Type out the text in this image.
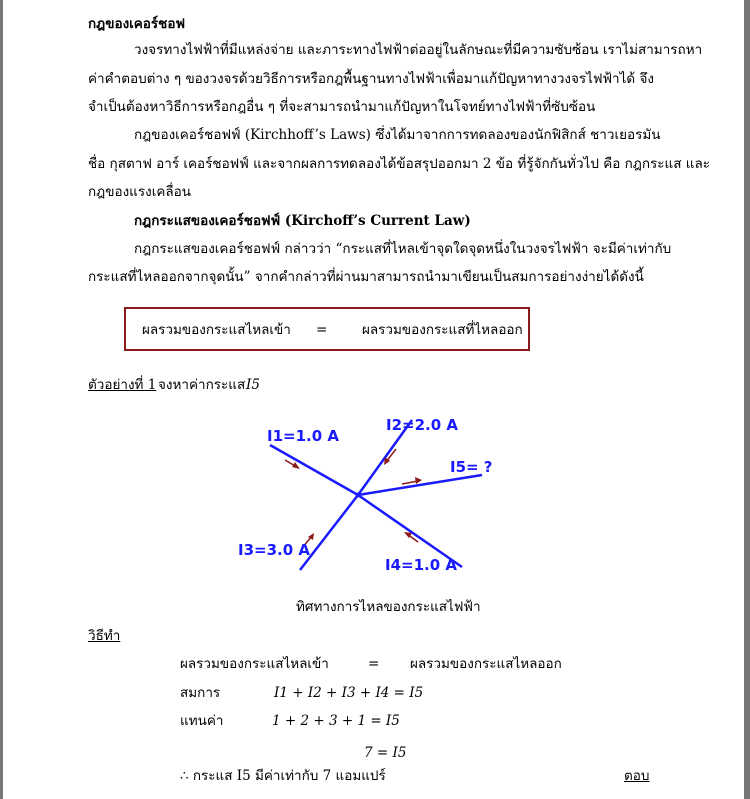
กฎของเคอร์ชอฟ
วงจรทางไฟฟ้าที่มีแหล่งจ่าย และภาระทางไฟฟ้าต่ออยู่ในลักษณะที่มีความซับซ้อน เราไม่สามารถหา
ค่าคำตอบต่าง ๆ ของวงจรด้วยวิธีการหรือกฎพื้นฐานทางไฟฟ้าเพื่อมาแก้ปัญหาทางวงจรไฟฟ้าได้ จึง
จำเป็นต้องหาวิธีการหรือกฎอื่น ๆ ที่จะสามารถนำมาแก้ปัญหาในโจทย์ทางไฟฟ้าที่ซับซ้อน
กฎของเคอร์ชอฟฟ์ (Kirchhoff’s Laws) ซึ่งได้มาจากการทดลองของนักฟิสิกส์ ชาวเยอรมัน
ชื่อ กุสตาฟ อาร์ เคอร์ชอฟฟ์ และจากผลการทดลองได้ข้อสรุปออกมา 2 ข้อ ที่รู้จักกันทั่วไป คือ กฎกระแส และ
กฎของแรงเคลื่อน
กฎกระแสของเคอร์ชอฟฟ์ (Kirchoff’s Current Law)
กฎกระแสของเคอร์ชอฟฟ์ กล่าวว่า “กระแสที่ไหลเข้าจุดใดจุดหนึ่งในวงจรไฟฟ้า จะมีค่าเท่ากับ
กระแสที่ไหลออกจากจุดนั้น” จากคำกล่าวที่ผ่านมาสามารถนำมาเขียนเป็นสมการอย่างง่ายได้ดังนี้
ผลรวมของกระแสไหลเข้า =	ผลรวมของกระแสที่ไหลออก
ตัวอย่างที่ 1 จงหาค่ากระแส I5
I1=1.0 A
I2=2.0 A
I5= ?
I3=3.0 A
I4=1.0 A
ทิศทางการไหลของกระแสไฟฟ้า
วิธีทำ
ผลรวมของกระแสไหลเข้า	= ผลรวมของกระแสไหลออก
สมการ	I1 + I2 + I3 + I4 = I5
แทนค่า	1 + 2 + 3 + 1 = I5
7 = I5
∴ กระแส I5 มีค่าเท่ากับ 7 แอมแปร์	ตอบ
